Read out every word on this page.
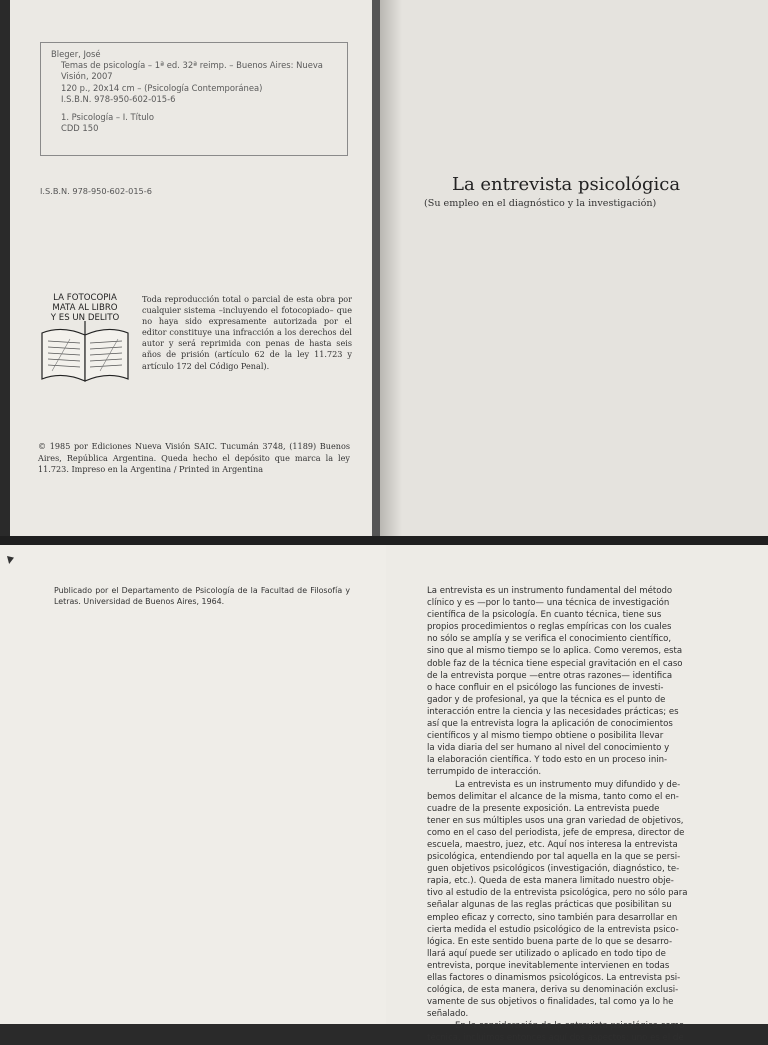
Bleger, José
Temas de psicología – 1ª ed. 32ª reimp. – Buenos Aires: Nueva
Visión, 2007
120 p., 20x14 cm – (Psicología Contemporánea)
I.S.B.N. 978-950-602-015-6
1. Psicología – I. Título
CDD 150
I.S.B.N. 978-950-602-015-6
LA FOTOCOPIA
MATA AL LIBRO
Y ES UN DELITO
Toda reproducción total o parcial de esta obra por cualquier sistema –incluyendo el fotocopiado– que no haya sido expresamente autorizada por el editor constituye una infracción a los derechos del autor y será reprimida con penas de hasta seis años de prisión (artículo 62 de la ley 11.723 y artículo 172 del Código Penal).
© 1985 por Ediciones Nueva Visión SAIC. Tucumán 3748, (1189) Buenos Aires, República Argentina. Queda hecho el depósito que marca la ley 11.723. Impreso en la Argentina / Printed in Argentina
La entrevista psicológica
(Su empleo en el diagnóstico y la investigación)
Publicado por el Departamento de Psicología de la Facultad de Filosofía y Letras. Universidad de Buenos Aires, 1964.
La entrevista es un instrumento fundamental del método
clínico y es —por lo tanto— una técnica de investigación
científica de la psicología. En cuanto técnica, tiene sus
propios procedimientos o reglas empíricas con los cuales
no sólo se amplía y se verifica el conocimiento científico,
sino que al mismo tiempo se lo aplica. Como veremos, esta
doble faz de la técnica tiene especial gravitación en el caso
de la entrevista porque —entre otras razones— identifica
o hace confluir en el psicólogo las funciones de investi-
gador y de profesional, ya que la técnica es el punto de
interacción entre la ciencia y las necesidades prácticas; es
así que la entrevista logra la aplicación de conocimientos
científicos y al mismo tiempo obtiene o posibilita llevar
la vida diaria del ser humano al nivel del conocimiento y
la elaboración científica. Y todo esto en un proceso inin-
terrumpido de interacción.
La entrevista es un instrumento muy difundido y de-
bemos delimitar el alcance de la misma, tanto como el en-
cuadre de la presente exposición. La entrevista puede
tener en sus múltiples usos una gran variedad de objetivos,
como en el caso del periodista, jefe de empresa, director de
escuela, maestro, juez, etc. Aquí nos interesa la entrevista
psicológica, entendiendo por tal aquella en la que se persi-
guen objetivos psicológicos (investigación, diagnóstico, te-
rapia, etc.). Queda de esta manera limitado nuestro obje-
tivo al estudio de la entrevista psicológica, pero no sólo para
señalar algunas de las reglas prácticas que posibilitan su
empleo eficaz y correcto, sino también para desarrollar en
cierta medida el estudio psicológico de la entrevista psico-
lógica. En este sentido buena parte de lo que se desarro-
llará aquí puede ser utilizado o aplicado en todo tipo de
entrevista, porque inevitablemente intervienen en todas
ellas factores o dinamismos psicológicos. La entrevista psi-
cológica, de esta manera, deriva su denominación exclusi-
vamente de sus objetivos o finalidades, tal como ya lo he
señalado.
En la consideración de la entrevista psicológica como
técnica, incluimos entonces aquí dos aspectos: uno es el de
